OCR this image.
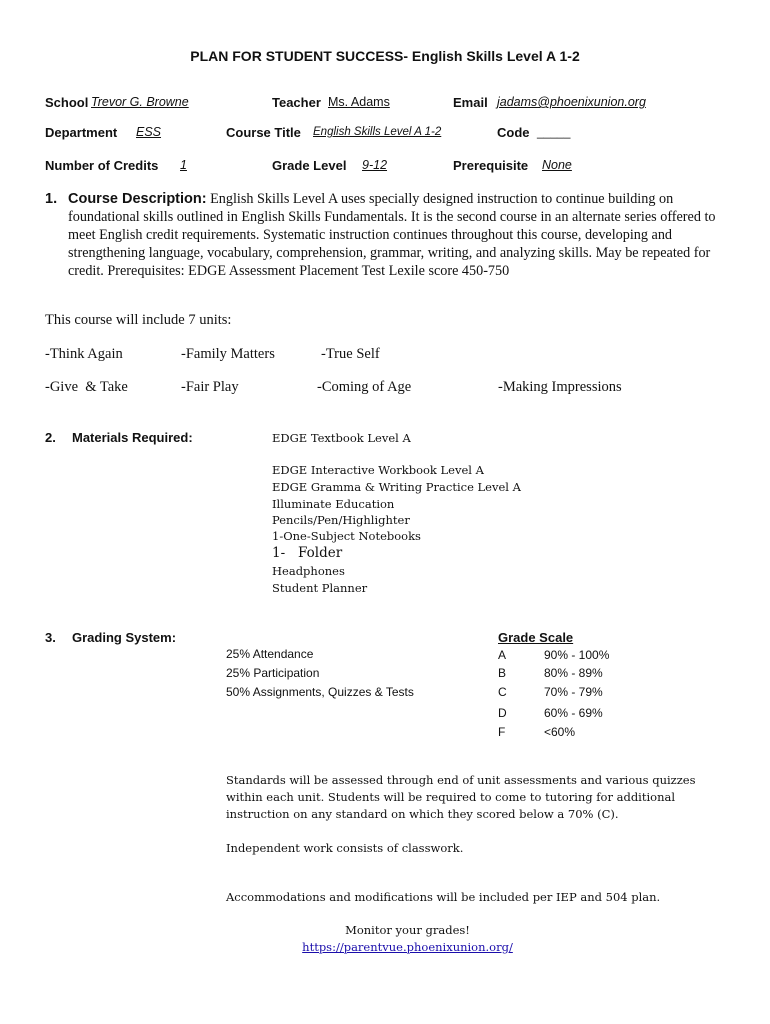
PLAN FOR STUDENT SUCCESS- English Skills Level A 1-2
School Trevor G. Browne	Teacher Ms. Adams	Email jadams@phoenixunion.org
Department ESS	Course Title English Skills Level A 1-2	Code _____
Number of Credits	1	Grade Level 9-12	Prerequisite None
1. Course Description: English Skills Level A uses specially designed instruction to continue building on foundational skills outlined in English Skills Fundamentals. It is the second course in an alternate series offered to meet English credit requirements. Systematic instruction continues throughout this course, developing and strengthening language, vocabulary, comprehension, grammar, writing, and analyzing skills. May be repeated for credit. Prerequisites: EDGE Assessment Placement Test Lexile score 450-750
This course will include 7 units:
-Think Again	-Family Matters	-True Self
-Give  & Take	-Fair Play	-Coming of Age	-Making Impressions
2. Materials Required:	EDGE Textbook Level A
EDGE Interactive Workbook Level A
EDGE Gramma & Writing Practice Level A
Illuminate Education
Pencils/Pen/Highlighter
1-One-Subject Notebooks
1-   Folder
Headphones
Student Planner
3. Grading System:
25% Attendance
25% Participation
50% Assignments, Quizzes & Tests
Grade Scale
A	90% - 100%
B	80% - 89%
C	70% - 79%
D	60% - 69%
F	<60%
Standards will be assessed through end of unit assessments and various quizzes within each unit. Students will be required to come to tutoring for additional instruction on any standard on which they scored below a 70% (C).
Independent work consists of classwork.
Accommodations and modifications will be included per IEP and 504 plan.
Monitor your grades!
https://parentvue.phoenixunion.org/
